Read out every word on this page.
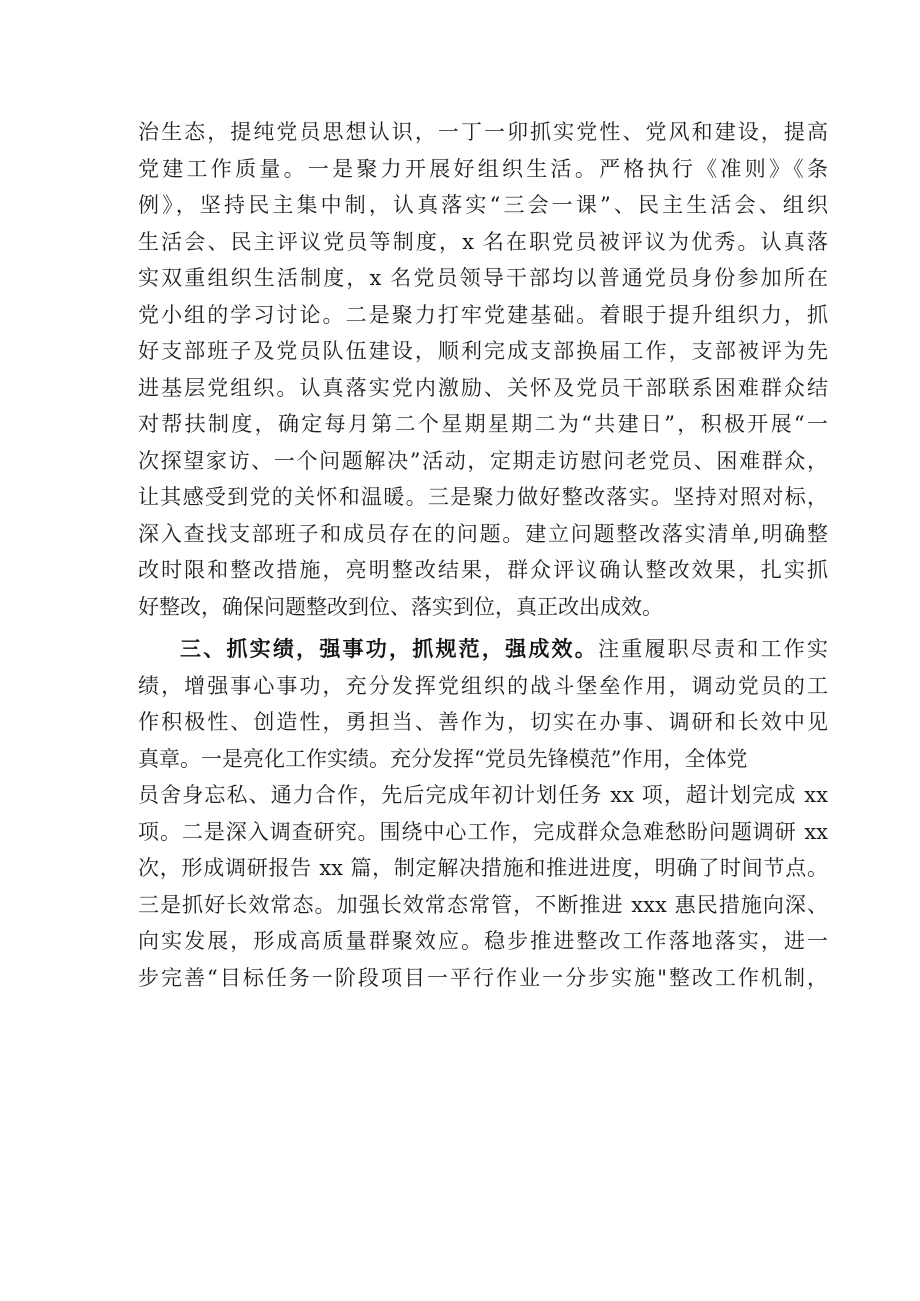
治生态，提纯党员思想认识，一丁一卯抓实党性、党风和建设，提高
党建工作质量。一是聚力开展好组织生活。严格执行《准则》《条
例》，坚持民主集中制，认真落实“三会一课”、民主生活会、组织
生活会、民主评议党员等制度，x 名在职党员被评议为优秀。认真落
实双重组织生活制度，x 名党员领导干部均以普通党员身份参加所在
党小组的学习讨论。二是聚力打牢党建基础。着眼于提升组织力，抓
好支部班子及党员队伍建设，顺利完成支部换届工作，支部被评为先
进基层党组织。认真落实党内激励、关怀及党员干部联系困难群众结
对帮扶制度，确定每月第二个星期星期二为“共建日”，积极开展“一
次探望家访、一个问题解决”活动，定期走访慰问老党员、困难群众，
让其感受到党的关怀和温暖。三是聚力做好整改落实。坚持对照对标，
深入查找支部班子和成员存在的问题。建立问题整改落实清单,明确整
改时限和整改措施，亮明整改结果，群众评议确认整改效果，扎实抓
好整改，确保问题整改到位、落实到位，真正改出成效。
三、抓实绩，强事功，抓规范，强成效。注重履职尽责和工作实
绩，增强事心事功，充分发挥党组织的战斗堡垒作用，调动党员的工
作积极性、创造性，勇担当、善作为，切实在办事、调研和长效中见
真章。一是亮化工作实绩。充分发挥“党员先锋模范”作用，全体党
员舍身忘私、通力合作，先后完成年初计划任务 xx 项，超计划完成 xx
项。二是深入调查研究。围绕中心工作，完成群众急难愁盼问题调研 xx
次，形成调研报告 xx 篇，制定解决措施和推进进度，明确了时间节点。
三是抓好长效常态。加强长效常态常管，不断推进 xxx 惠民措施向深、
向实发展，形成高质量群聚效应。稳步推进整改工作落地落实，进一
步完善“目标任务一阶段项目一平行作业一分步实施"整改工作机制，
